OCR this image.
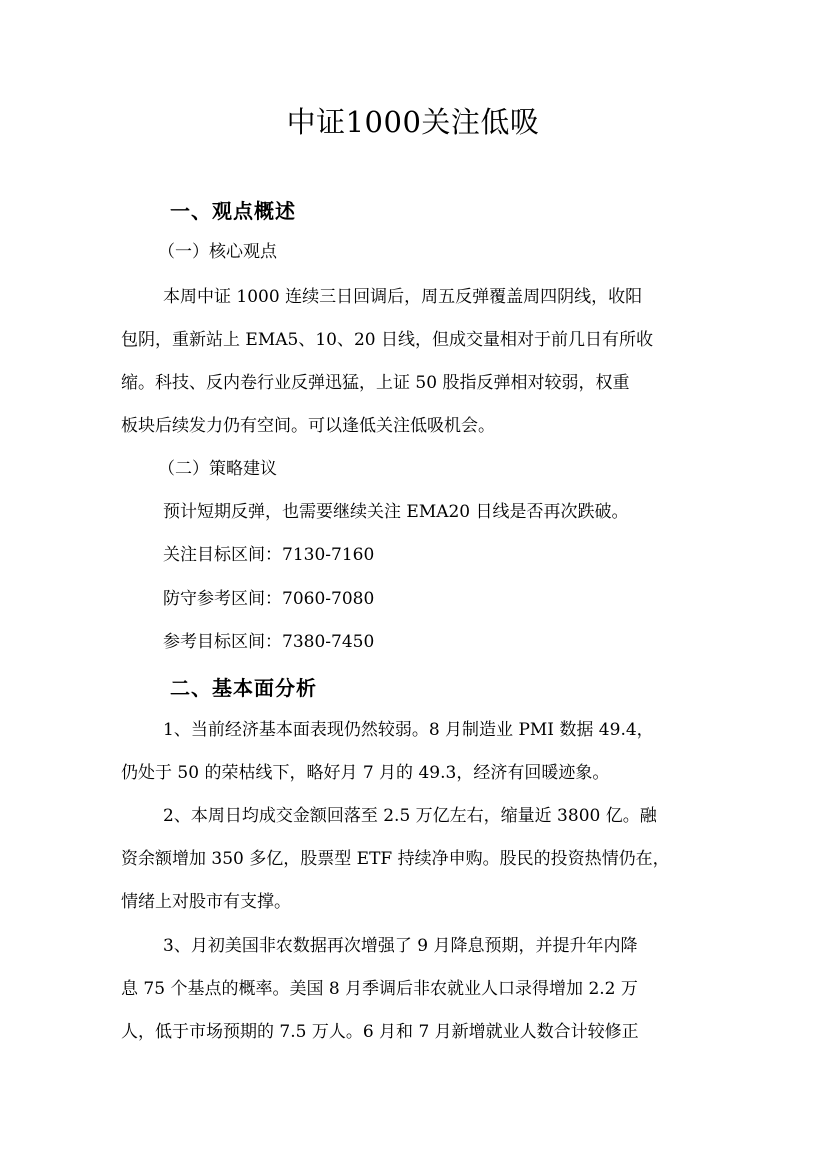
中证1000关注低吸
一、观点概述
（一）核心观点
本周中证 1000 连续三日回调后，周五反弹覆盖周四阴线，收阳
包阴，重新站上 EMA5、10、20 日线，但成交量相对于前几日有所收
缩。科技、反内卷行业反弹迅猛，上证 50 股指反弹相对较弱，权重
板块后续发力仍有空间。可以逢低关注低吸机会。
（二）策略建议
预计短期反弹，也需要继续关注 EMA20 日线是否再次跌破。
关注目标区间：7130-7160
防守参考区间：7060-7080
参考目标区间：7380-7450
二、基本面分析
1、当前经济基本面表现仍然较弱。8 月制造业 PMI 数据 49.4，
仍处于 50 的荣枯线下，略好月 7 月的 49.3，经济有回暖迹象。
2、本周日均成交金额回落至 2.5 万亿左右，缩量近 3800 亿。融
资余额增加 350 多亿，股票型 ETF 持续净申购。股民的投资热情仍在，
情绪上对股市有支撑。
3、月初美国非农数据再次增强了 9 月降息预期，并提升年内降
息 75 个基点的概率。美国 8 月季调后非农就业人口录得增加 2.2 万
人，低于市场预期的 7.5 万人。6 月和 7 月新增就业人数合计较修正
